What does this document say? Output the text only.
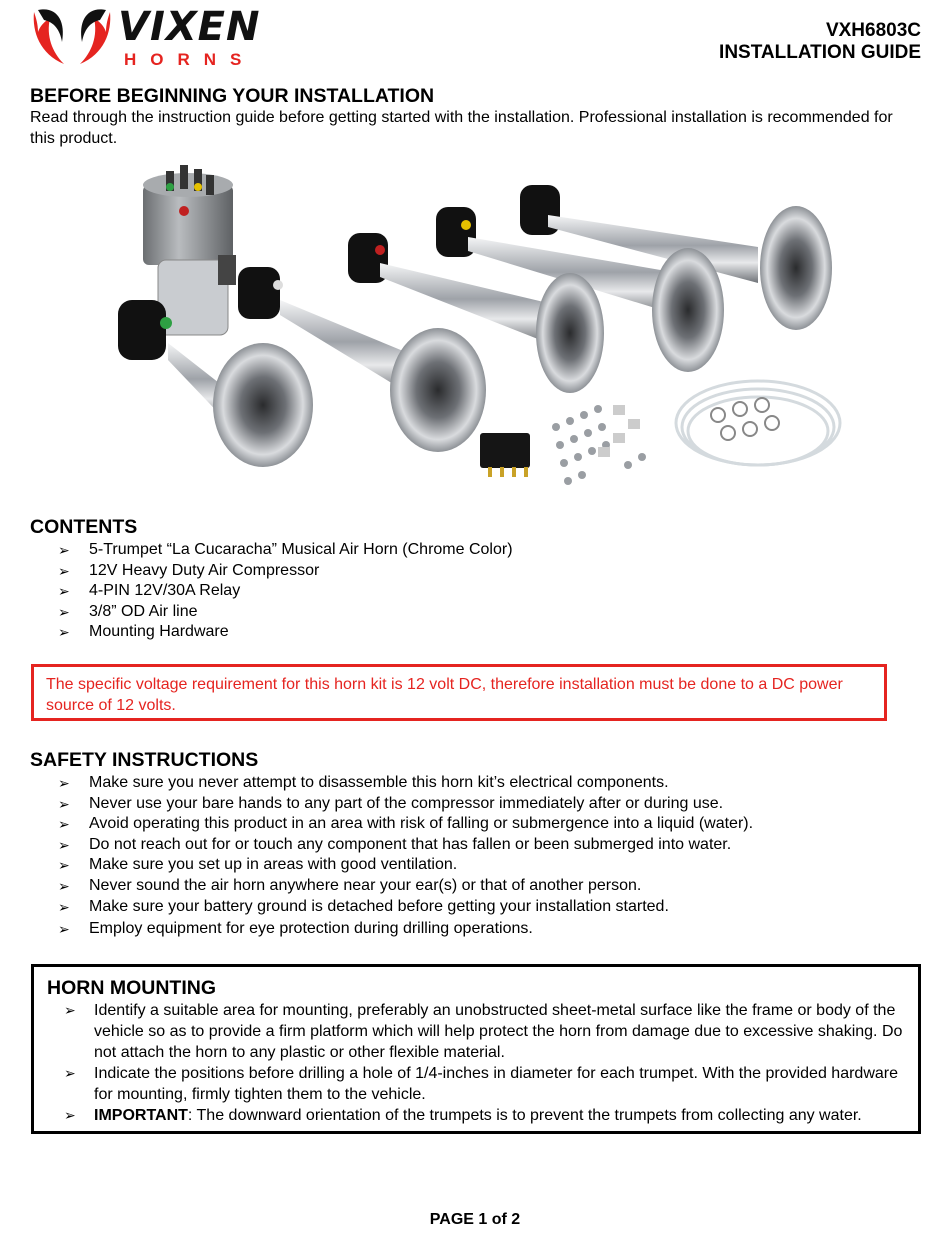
VIXEN
HORNS
VXH6803C
INSTALLATION GUIDE
BEFORE BEGINNING YOUR INSTALLATION

Read through the instruction guide before getting started with the installation. Professional installation is recommended for this product.

CONTENTS
➢ 5-Trumpet “La Cucaracha” Musical Air Horn (Chrome Color)
➢ 12V Heavy Duty Air Compressor
➢ 4-PIN 12V/30A Relay
➢ 3/8” OD Air line
➢ Mounting Hardware
The specific voltage requirement for this horn kit is 12 volt DC, therefore installation must be done to a DC power source of 12 volts.
SAFETY INSTRUCTIONS
➢ Make sure you never attempt to disassemble this horn kit’s electrical components.
➢ Never use your bare hands to any part of the compressor immediately after or during use.
➢ Avoid operating this product in an area with risk of falling or submergence into a liquid (water).
➢ Do not reach out for or touch any component that has fallen or been submerged into water.
➢ Make sure you set up in areas with good ventilation.
➢ Never sound the air horn anywhere near your ear(s) or that of another person.
➢ Make sure your battery ground is detached before getting your installation started.
➢ Employ equipment for eye protection during drilling operations.
HORN MOUNTING
➢ Identify a suitable area for mounting, preferably an unobstructed sheet-metal surface like the frame or body of the vehicle so as to provide a firm platform which will help protect the horn from damage due to excessive shaking. Do not attach the horn to any plastic or other flexible material.
➢ Indicate the positions before drilling a hole of 1/4-inches in diameter for each trumpet. With the provided hardware for mounting, firmly tighten them to the vehicle.
➢ IMPORTANT: The downward orientation of the trumpets is to prevent the trumpets from collecting any water.
PAGE 1 of 2
